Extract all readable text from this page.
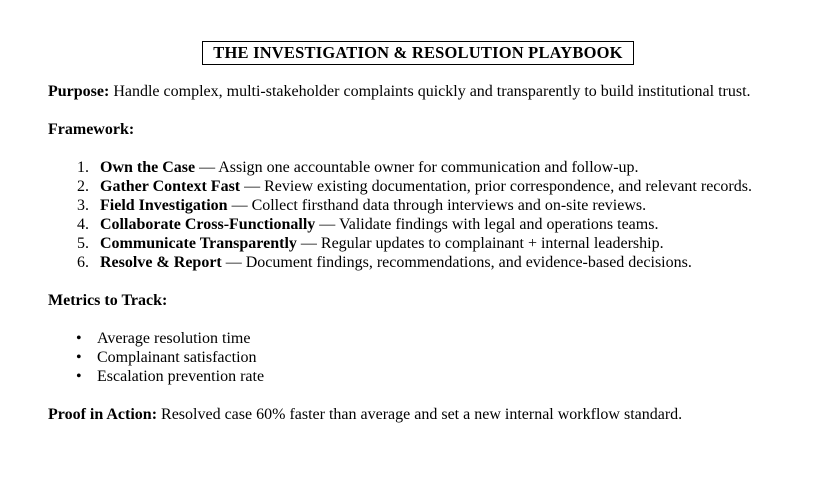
THE INVESTIGATION & RESOLUTION PLAYBOOK

Purpose: Handle complex, multi-stakeholder complaints quickly and transparently to build institutional trust.

Framework:

1. Own the Case — Assign one accountable owner for communication and follow-up.
2. Gather Context Fast — Review existing documentation, prior correspondence, and relevant records.
3. Field Investigation — Collect firsthand data through interviews and on-site reviews.
4. Collaborate Cross-Functionally — Validate findings with legal and operations teams.
5. Communicate Transparently — Regular updates to complainant + internal leadership.
6. Resolve & Report — Document findings, recommendations, and evidence-based decisions.

Metrics to Track:

• Average resolution time
• Complainant satisfaction
• Escalation prevention rate

Proof in Action: Resolved case 60% faster than average and set a new internal workflow standard.
